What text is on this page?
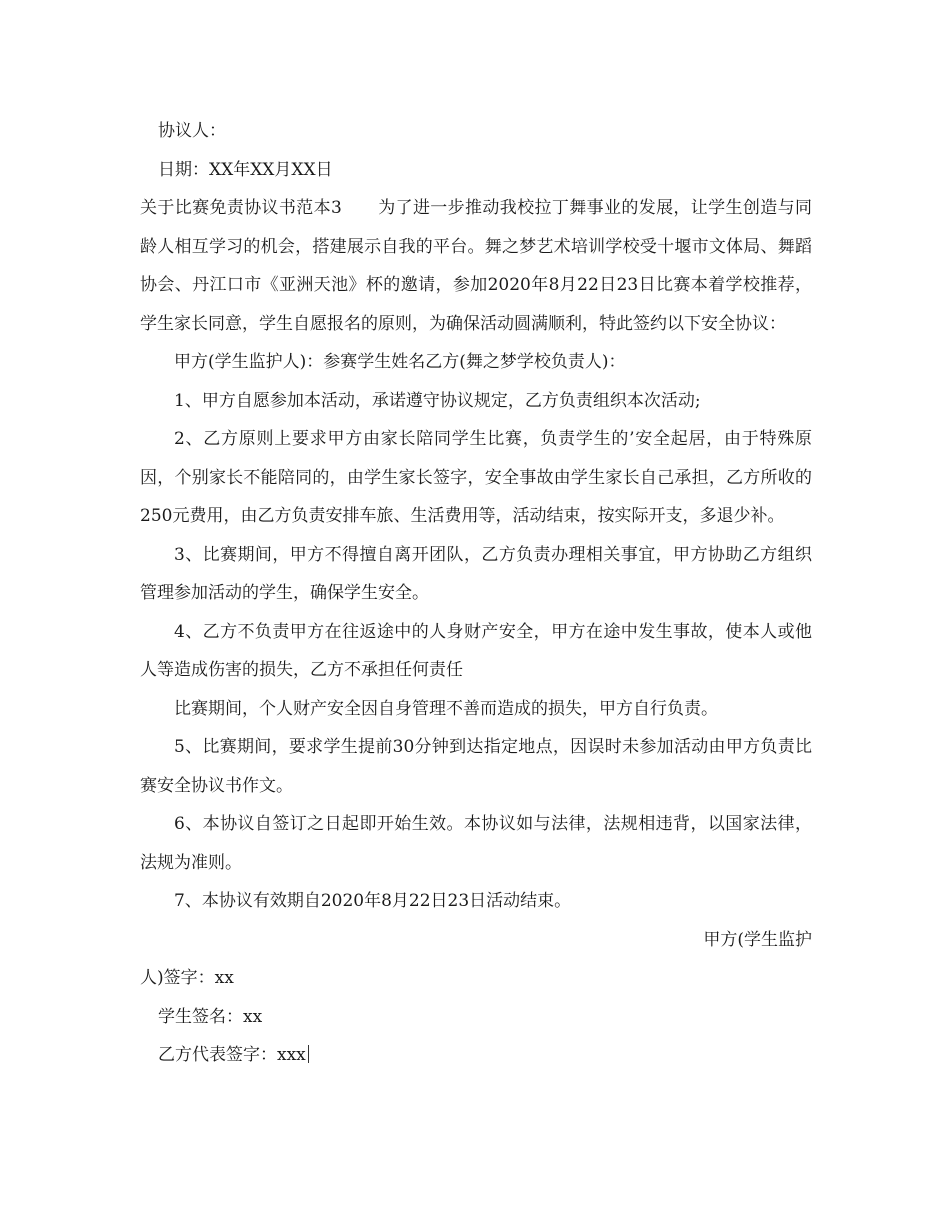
协议人：

日期：XX年XX月XX日

关于比赛免责协议书范本3 为了进一步推动我校拉丁舞事业的发展，让学生创造与同龄人相互学习的机会，搭建展示自我的平台。舞之梦艺术培训学校受十堰市文体局、舞蹈协会、丹江口市《亚洲天池》杯的邀请，参加2020年8月22日23日比赛本着学校推荐，学生家长同意，学生自愿报名的原则，为确保活动圆满顺利，特此签约以下安全协议：

甲方(学生监护人)：参赛学生姓名乙方(舞之梦学校负责人)：

1、甲方自愿参加本活动，承诺遵守协议规定，乙方负责组织本次活动;

2、乙方原则上要求甲方由家长陪同学生比赛，负责学生的’安全起居，由于特殊原因，个别家长不能陪同的，由学生家长签字，安全事故由学生家长自己承担，乙方所收的250元费用，由乙方负责安排车旅、生活费用等，活动结束，按实际开支，多退少补。

3、比赛期间，甲方不得擅自离开团队，乙方负责办理相关事宜，甲方协助乙方组织管理参加活动的学生，确保学生安全。

4、乙方不负责甲方在往返途中的人身财产安全，甲方在途中发生事故，使本人或他人等造成伤害的损失，乙方不承担任何责任

比赛期间，个人财产安全因自身管理不善而造成的损失，甲方自行负责。

5、比赛期间，要求学生提前30分钟到达指定地点，因误时未参加活动由甲方负责比赛安全协议书作文。

6、本协议自签订之日起即开始生效。本协议如与法律，法规相违背，以国家法律，法规为准则。

7、本协议有效期自2020年8月22日23日活动结束。

甲方(学生监护

人)签字：xx

学生签名：xx

乙方代表签字：xxx
